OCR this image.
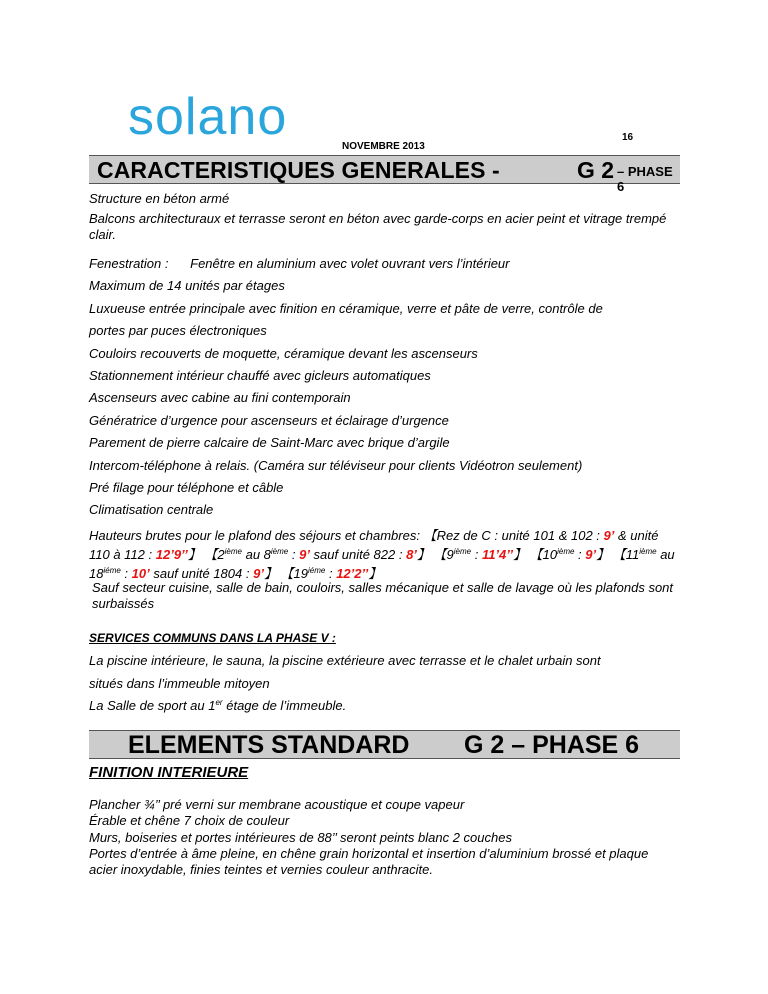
solano	16
NOVEMBRE 2013
CARACTERISTIQUES GENERALES -	G 2 – PHASE 6
Structure en béton armé
Balcons architecturaux et terrasse seront en béton avec garde-corps en acier peint et vitrage trempé clair.
Fenestration : Fenêtre en aluminium avec volet ouvrant vers l’intérieur
Maximum de 14 unités par étages
Luxueuse entrée principale avec finition en céramique, verre et pâte de verre, contrôle de
portes par puces électroniques
Couloirs recouverts de moquette, céramique devant les ascenseurs
Stationnement intérieur chauffé avec gicleurs automatiques
Ascenseurs avec cabine au fini contemporain
Génératrice d’urgence pour ascenseurs et éclairage d’urgence
Parement de pierre calcaire de Saint-Marc avec brique d’argile
Intercom-téléphone à relais. (Caméra sur téléviseur pour clients Vidéotron seulement)
Pré filage pour téléphone et câble
Climatisation centrale
Hauteurs brutes pour le plafond des séjours et chambres: 【Rez de C : unité 101 & 102 : 9’ & unité 110 à 112 : 12’9’’】 【2ième au 8ième : 9’ sauf unité 822 : 8’】 【9ième : 11’4’’】 【10ième : 9’】 【11ième au $18^{iéme}$ : 10’ sauf unité 1804 : 9’】 【$19^{iéme}$ : 12’2’’】
Sauf secteur cuisine, salle de bain, couloirs, salles mécanique et salle de lavage où les plafonds sont surbaissés
SERVICES COMMUNS DANS LA PHASE V :
La piscine intérieure, le sauna, la piscine extérieure avec terrasse et le chalet urbain sont
situés dans l’immeuble mitoyen
La Salle de sport au 1er étage de l’immeuble.
ELEMENTS STANDARD G 2 – PHASE 6
FINITION INTERIEURE
Plancher ¾’’ pré verni sur membrane acoustique et coupe vapeur
Érable et chêne 7 choix de couleur
Murs, boiseries et portes intérieures de 88’’ seront peints blanc 2 couches
Portes d’entrée à âme pleine, en chêne grain horizontal et insertion d’aluminium brossé et plaque acier inoxydable, finies teintes et vernies couleur anthracite.
